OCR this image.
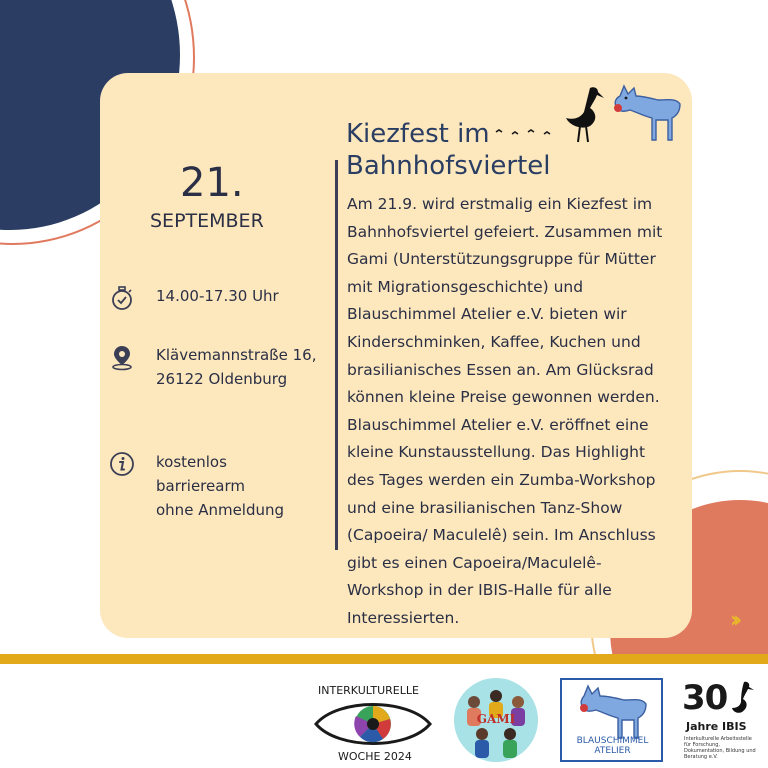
21.
SEPTEMBER
14.00-17.30 Uhr
Klävemannstraße 16,
26122 Oldenburg
kostenlos
barrierearm
ohne Anmeldung
Kiezfest im
Bahnhofsviertel
Am 21.9. wird erstmalig ein Kiezfest im Bahnhofsviertel gefeiert. Zusammen mit Gami (Unterstützungsgruppe für Mütter mit Migrationsgeschichte) und Blauschimmel Atelier e.V. bieten wir Kinderschminken, Kaffee, Kuchen und brasilianisches Essen an. Am Glücksrad können kleine Preise gewonnen werden. Blauschimmel Atelier e.V. eröffnet eine kleine Kunstausstellung. Das Highlight des Tages werden ein Zumba-Workshop und eine brasilianischen Tanz-Show (Capoeira/ Maculelê) sein. Im Anschluss gibt es einen Capoeira/Maculelê-Workshop in der IBIS-Halle für alle Interessierten.	››
INTERKULTURELLE
WOCHE 2024
GAMI
BLAUSCHIMMEL ATELIER
30
Jahre IBIS
Interkulturelle Arbeitsstelle für Forschung, Dokumentation, Bildung und Beratung e.V.
